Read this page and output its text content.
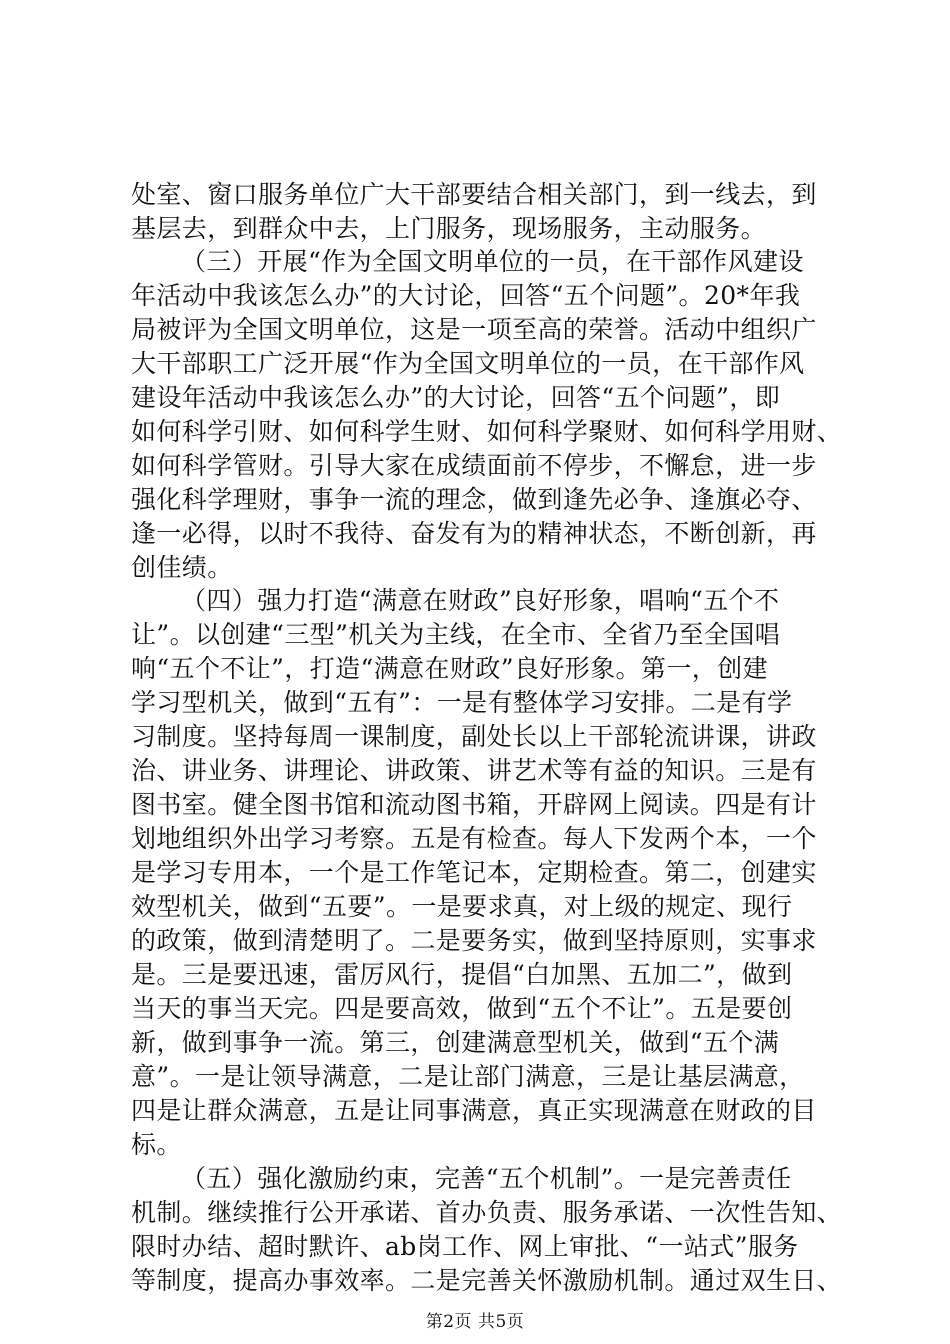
处室、窗口服务单位广大干部要结合相关部门，到一线去，到
基层去，到群众中去，上门服务，现场服务，主动服务。
（三）开展“作为全国文明单位的一员，在干部作风建设
年活动中我该怎么办”的大讨论，回答“五个问题”。20*年我
局被评为全国文明单位，这是一项至高的荣誉。活动中组织广
大干部职工广泛开展“作为全国文明单位的一员，在干部作风
建设年活动中我该怎么办”的大讨论，回答“五个问题”，即
如何科学引财、如何科学生财、如何科学聚财、如何科学用财、
如何科学管财。引导大家在成绩面前不停步，不懈怠，进一步
强化科学理财，事争一流的理念，做到逢先必争、逢旗必夺、
逢一必得，以时不我待、奋发有为的精神状态，不断创新，再
创佳绩。
（四）强力打造“满意在财政”良好形象，唱响“五个不
让”。以创建“三型”机关为主线，在全市、全省乃至全国唱
响“五个不让”，打造“满意在财政”良好形象。第一，创建
学习型机关，做到“五有”：一是有整体学习安排。二是有学
习制度。坚持每周一课制度，副处长以上干部轮流讲课，讲政
治、讲业务、讲理论、讲政策、讲艺术等有益的知识。三是有
图书室。健全图书馆和流动图书箱，开辟网上阅读。四是有计
划地组织外出学习考察。五是有检查。每人下发两个本，一个
是学习专用本，一个是工作笔记本，定期检查。第二，创建实
效型机关，做到“五要”。一是要求真，对上级的规定、现行
的政策，做到清楚明了。二是要务实，做到坚持原则，实事求
是。三是要迅速，雷厉风行，提倡“白加黑、五加二”，做到
当天的事当天完。四是要高效，做到“五个不让”。五是要创
新，做到事争一流。第三，创建满意型机关，做到“五个满
意”。一是让领导满意，二是让部门满意，三是让基层满意，
四是让群众满意，五是让同事满意，真正实现满意在财政的目
标。
（五）强化激励约束，完善“五个机制”。一是完善责任
机制。继续推行公开承诺、首办负责、服务承诺、一次性告知、
限时办结、超时默许、ab岗工作、网上审批、“一站式”服务
等制度，提高办事效率。二是完善关怀激励机制。通过双生日、
第2页 共5页
